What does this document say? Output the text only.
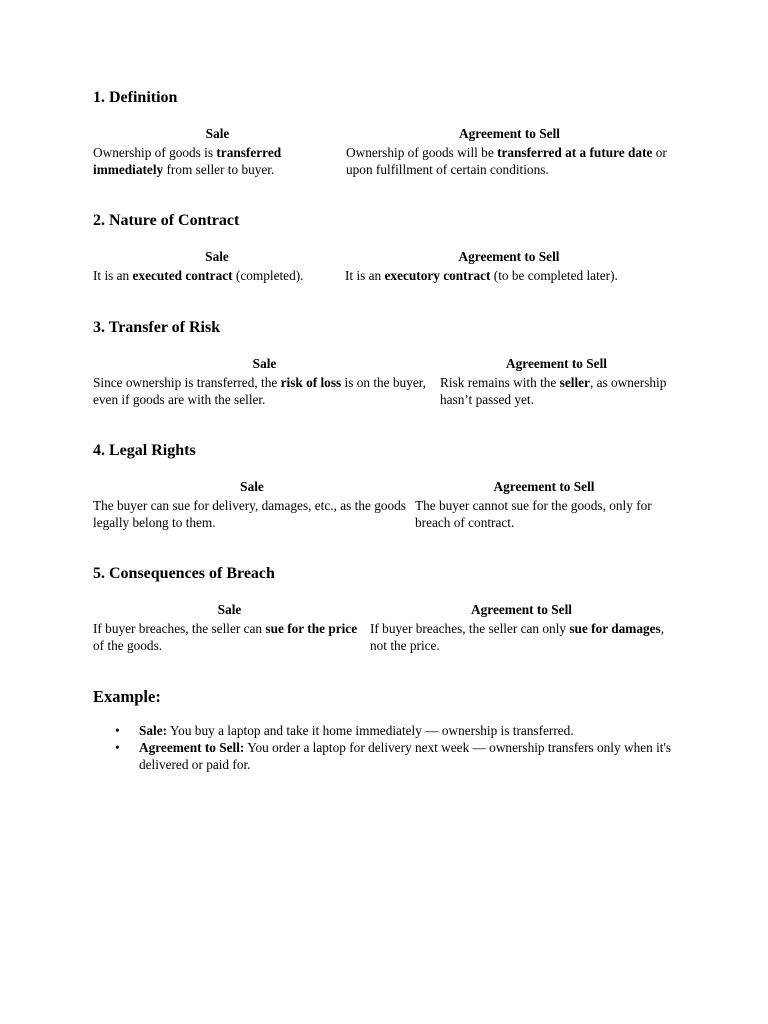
1. Definition
Sale	Agreement to Sell
Ownership of goods is transferred immediately from seller to buyer.	Ownership of goods will be transferred at a future date or upon fulfillment of certain conditions.
2. Nature of Contract
Sale	Agreement to Sell
It is an executed contract (completed).	It is an executory contract (to be completed later).
3. Transfer of Risk
Sale	Agreement to Sell
Since ownership is transferred, the risk of loss is on the buyer, even if goods are with the seller.	Risk remains with the seller, as ownership hasn’t passed yet.
4. Legal Rights
Sale	Agreement to Sell
The buyer can sue for delivery, damages, etc., as the goods legally belong to them.	The buyer cannot sue for the goods, only for breach of contract.
5. Consequences of Breach
Sale	Agreement to Sell
If buyer breaches, the seller can sue for the price of the goods.	If buyer breaches, the seller can only sue for damages, not the price.
Example:
• Sale: You buy a laptop and take it home immediately — ownership is transferred.
• Agreement to Sell: You order a laptop for delivery next week — ownership transfers only when it's delivered or paid for.
